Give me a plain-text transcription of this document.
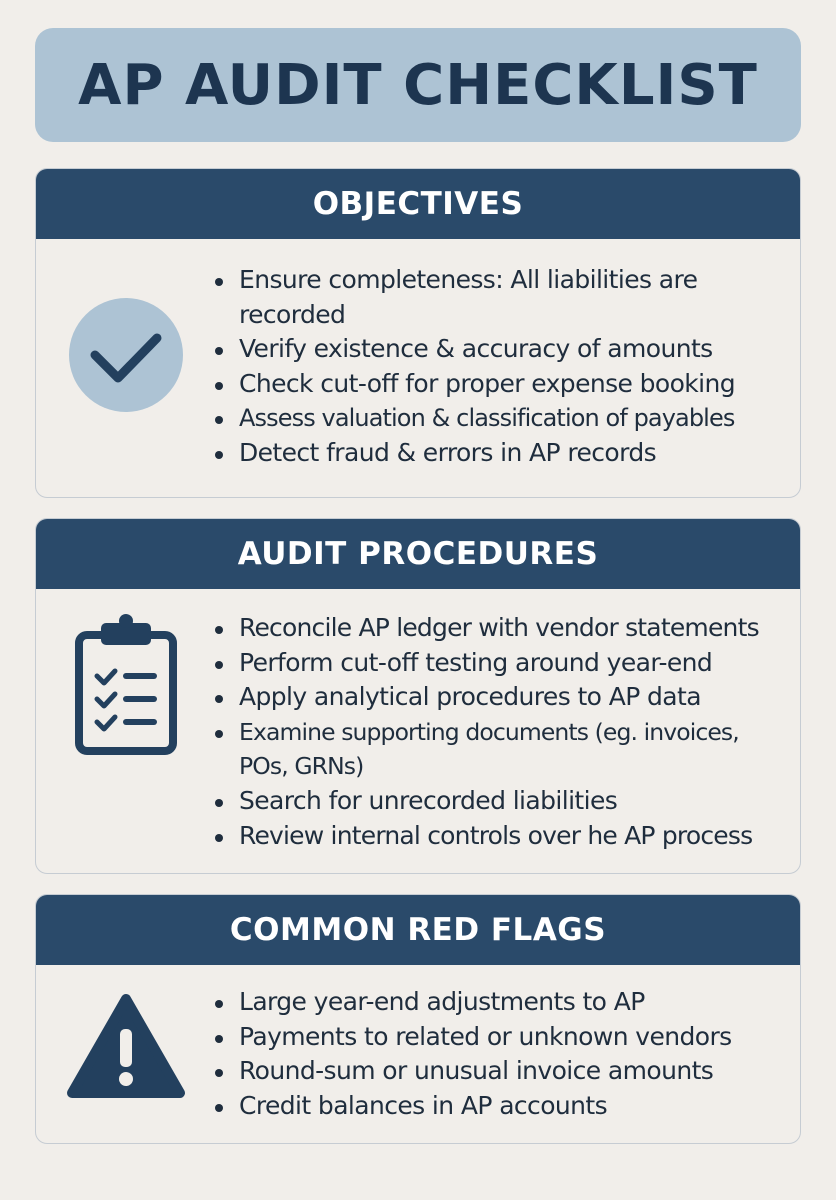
AP AUDIT CHECKLIST
OBJECTIVES
Ensure completeness: All liabilities are
recorded
Verify existence & accuracy of amounts
Check cut-off for proper expense booking
Assess valuation & classification of payables
Detect fraud & errors in AP records
AUDIT PROCEDURES
Reconcile AP ledger with vendor statements
Perform cut-off testing around year-end
Apply analytical procedures to AP data
Examine supporting documents (eg. invoices,
POs, GRNs)
Search for unrecorded liabilities
Review internal controls over he AP process
COMMON RED FLAGS
Large year-end adjustments to AP
Payments to related or unknown vendors
Round-sum or unusual invoice amounts
Credit balances in AP accounts
